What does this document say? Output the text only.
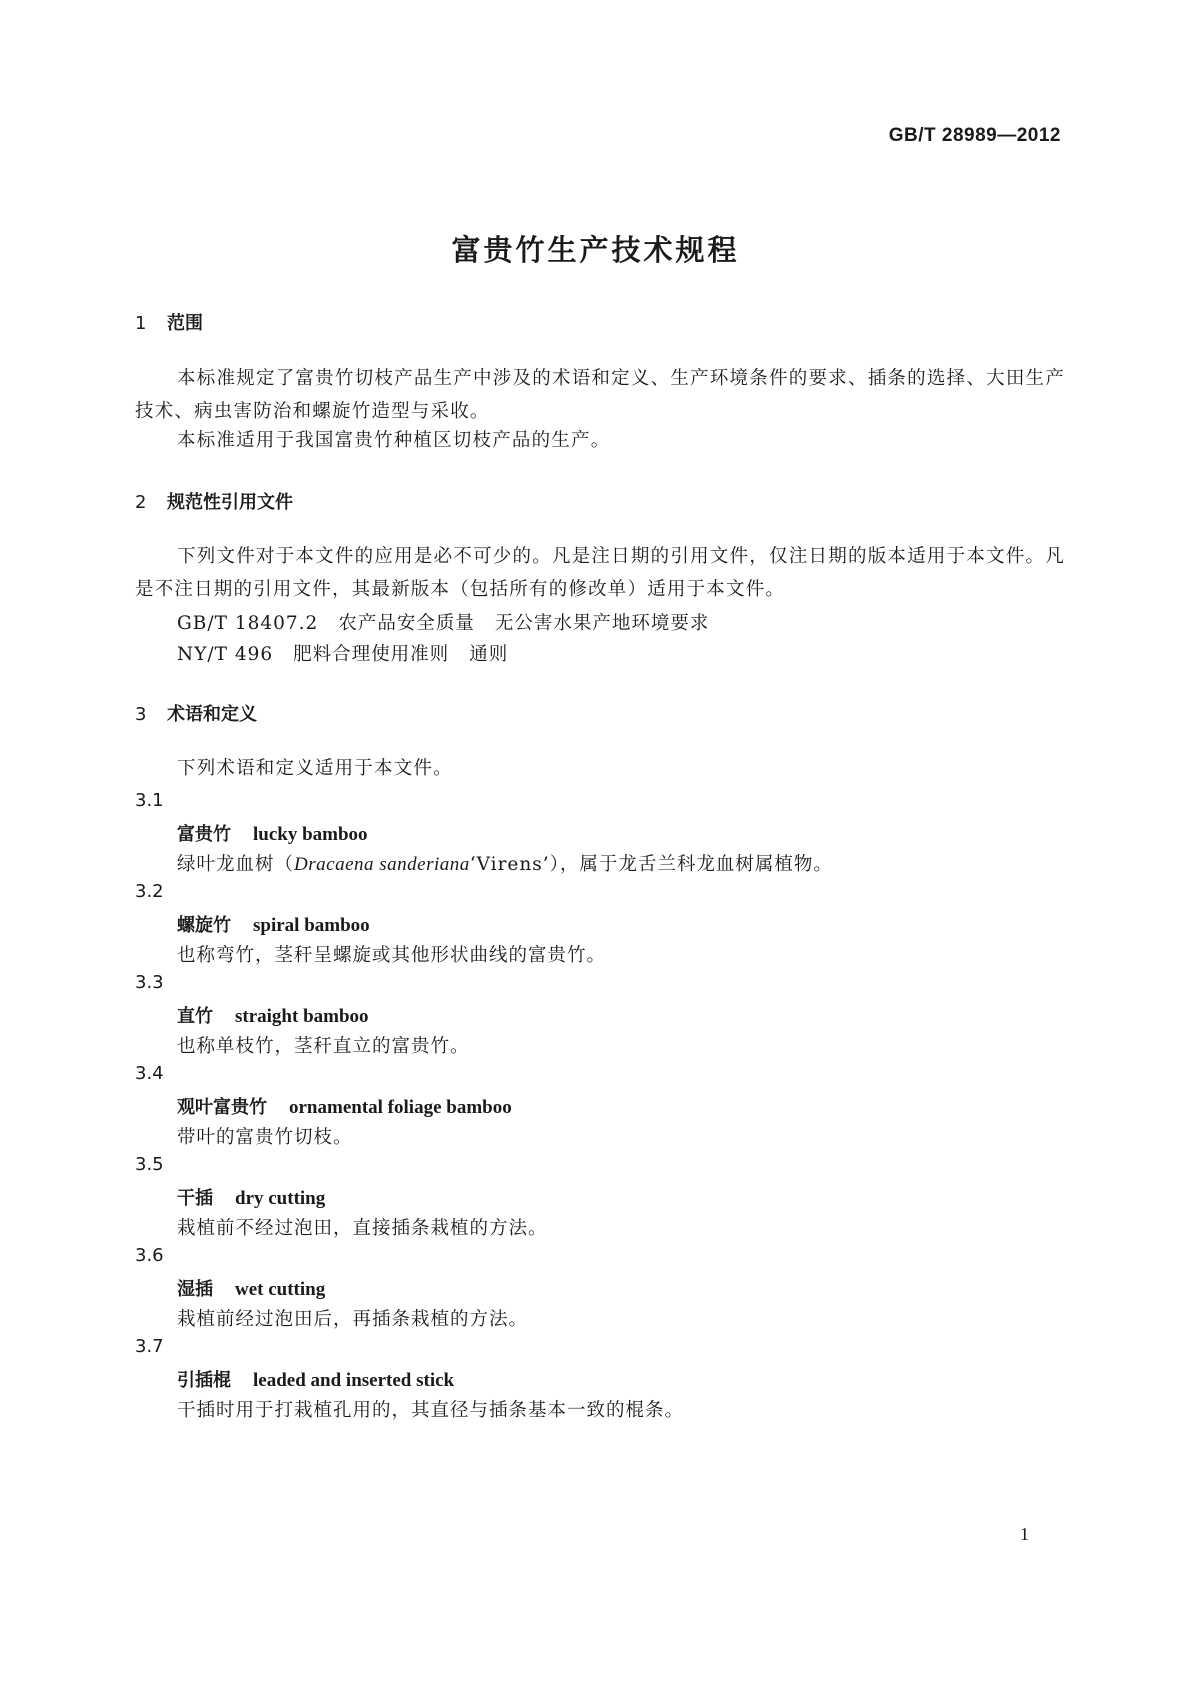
GB/T 28989—2012
富贵竹生产技术规程
1 范围
本标准规定了富贵竹切枝产品生产中涉及的术语和定义、生产环境条件的要求、插条的选择、大田生产技术、病虫害防治和螺旋竹造型与采收。
本标准适用于我国富贵竹种植区切枝产品的生产。
2 规范性引用文件
下列文件对于本文件的应用是必不可少的。凡是注日期的引用文件，仅注日期的版本适用于本文件。凡是不注日期的引用文件，其最新版本（包括所有的修改单）适用于本文件。
GB/T 18407.2 农产品安全质量 无公害水果产地环境要求
NY/T 496 肥料合理使用准则 通则
3 术语和定义
下列术语和定义适用于本文件。
3.1
富贵竹 lucky bamboo
绿叶龙血树（Dracaena sanderiana‘Virens’），属于龙舌兰科龙血树属植物。
3.2
螺旋竹 spiral bamboo
也称弯竹，茎秆呈螺旋或其他形状曲线的富贵竹。
3.3
直竹 straight bamboo
也称单枝竹，茎秆直立的富贵竹。
3.4
观叶富贵竹 ornamental foliage bamboo
带叶的富贵竹切枝。
3.5
干插 dry cutting
栽植前不经过泡田，直接插条栽植的方法。
3.6
湿插 wet cutting
栽植前经过泡田后，再插条栽植的方法。
3.7
引插棍 leaded and inserted stick
干插时用于打栽植孔用的，其直径与插条基本一致的棍条。
1
